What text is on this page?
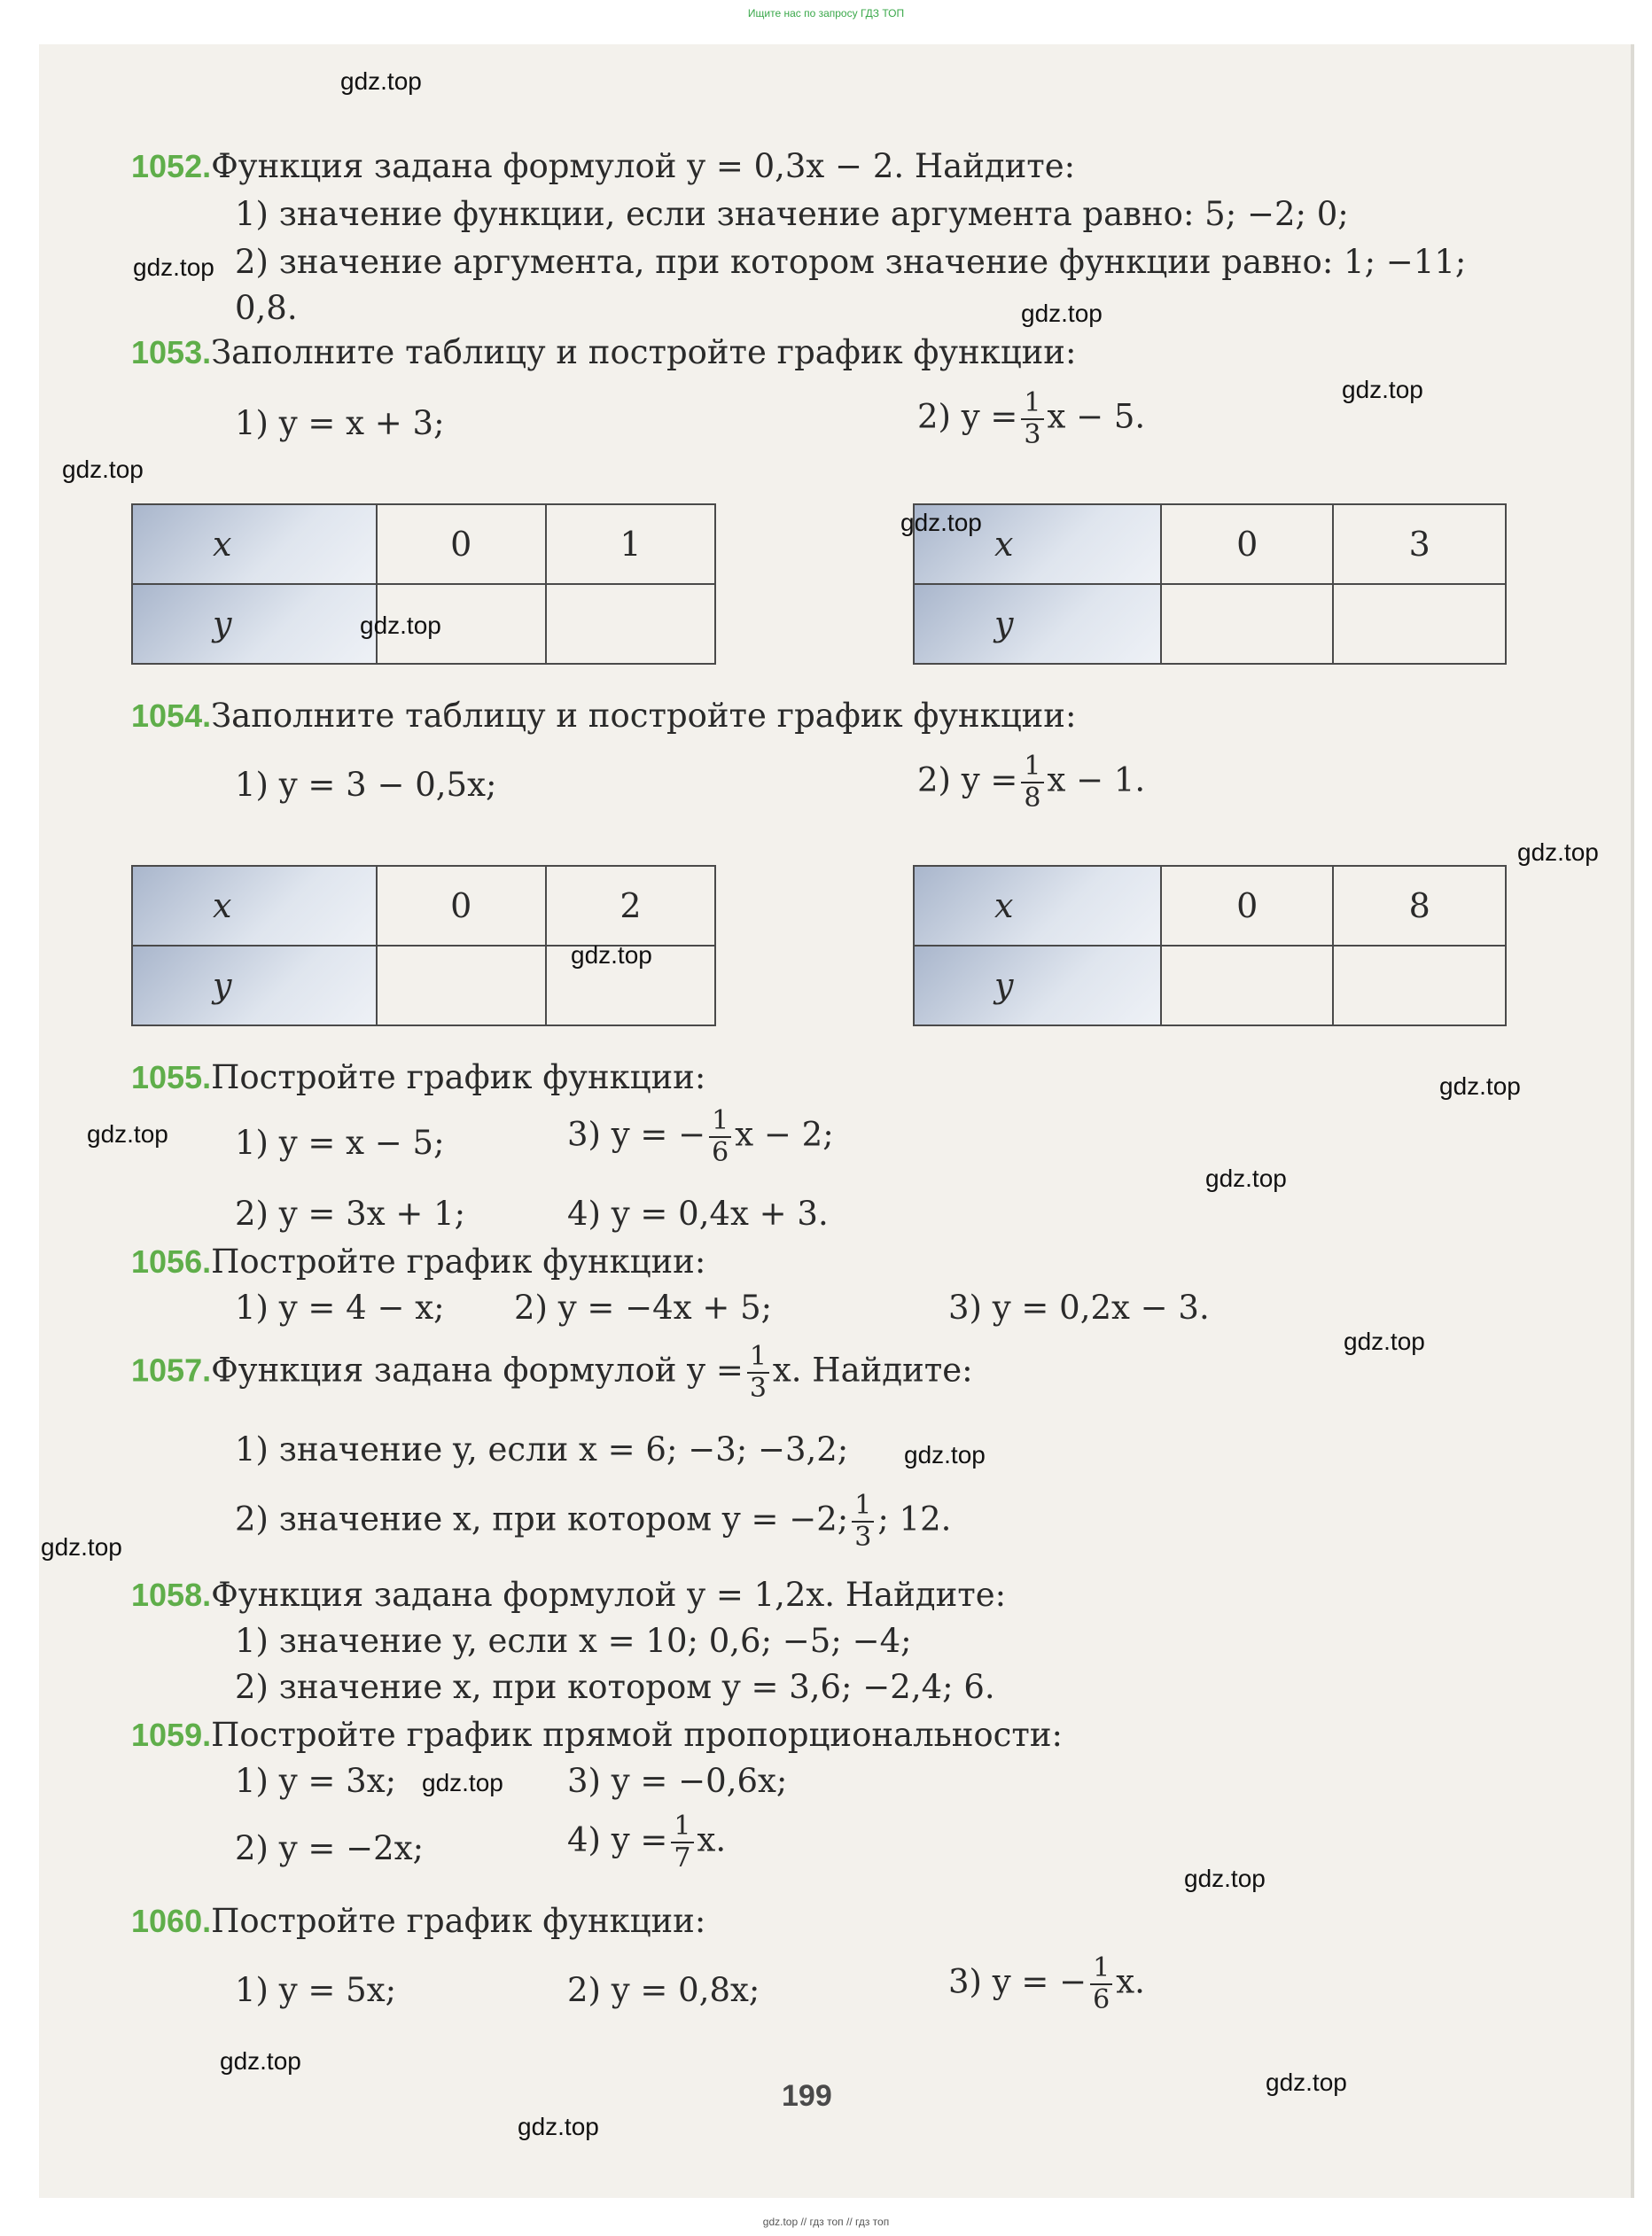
Ищите нас по запросу ГДЗ ТОП
1052.Функция задана формулой y = 0,3x − 2. Найдите:
1) значение функции, если значение аргумента равно: 5; −2; 0;
2) значение аргумента, при котором значение функции равно: 1; −11;
0,8.
1053.Заполните таблицу и постройте график функции:
1) y = x + 3;	2) $y = \frac{1}{3}$ x − 5.
x	0	1
y		
x	0	3
y		
1054.Заполните таблицу и постройте график функции:
1) y = 3 − 0,5x;	2) $y = \frac{1}{8}$ x − 1.
x	0	2
y		
x	0	8
y		
1055.Постройте график функции:
1) y = x − 5;	3) y = − $\frac{1}{6}$ x − 2;
2) y = 3x + 1;	4) y = 0,4x + 3.
1056.Постройте график функции:
1) y = 4 − x; 2) y = −4x + 5;	3) y = 0,2x − 3.
1057.Функция задана формулой $y = \frac{1}{3} x$. Найдите:
1) значение y, если x = 6; −3; −3,2;
2) значение x, при котором y = −2; $\frac{1}{3}$ ; 12.
1058.Функция задана формулой y = 1,2x. Найдите:
1) значение y, если x = 10; 0,6; −5; −4;
2) значение x, при котором y = 3,6; −2,4; 6.
1059.Постройте график прямой пропорциональности:
1) y = 3x;	3) y = −0,6x;
2) y = −2x;	4) $y = \frac{1}{7} x$.
1060.Постройте график функции:
1) y = 5x;	2) y = 0,8x;	3) y = − $\frac{1}{6} x$.
199
gdz.top
gdz.top
gdz.top
gdz.top
gdz.top
gdz.top
gdz.top
gdz.top
gdz.top
gdz.top
gdz.top
gdz.top
gdz.top
gdz.top
gdz.top
gdz.top
gdz.top
gdz.top
gdz.top
gdz.top
gdz.top // гдз топ // гдз топ
